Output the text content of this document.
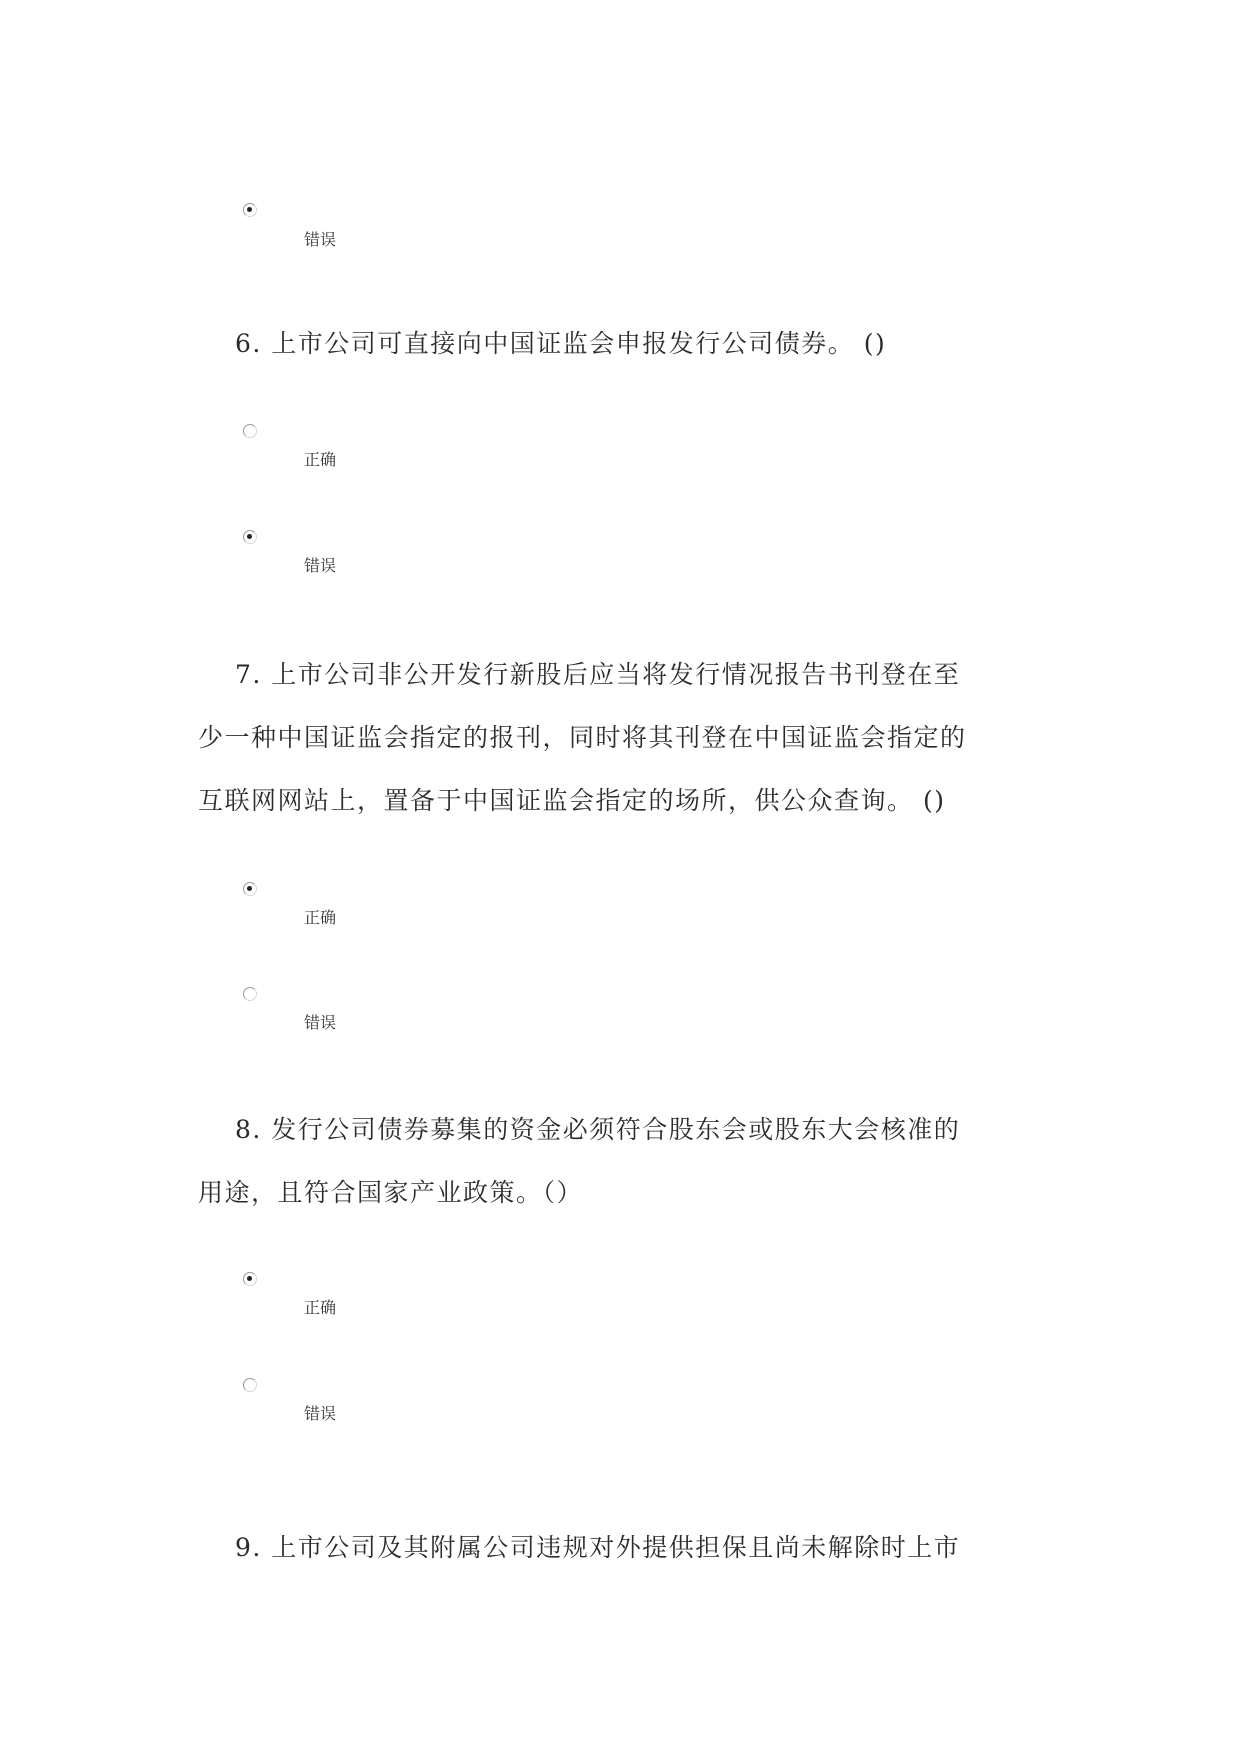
错误
6. 上市公司可直接向中国证监会申报发行公司债券。 ()
正确
错误
7. 上市公司非公开发行新股后应当将发行情况报告书刊登在至
少一种中国证监会指定的报刊，同时将其刊登在中国证监会指定的
互联网网站上，置备于中国证监会指定的场所，供公众查询。 ()
正确
错误
8. 发行公司债券募集的资金必须符合股东会或股东大会核准的
用途，且符合国家产业政策。（）
正确
错误
9. 上市公司及其附属公司违规对外提供担保且尚未解除时上市
